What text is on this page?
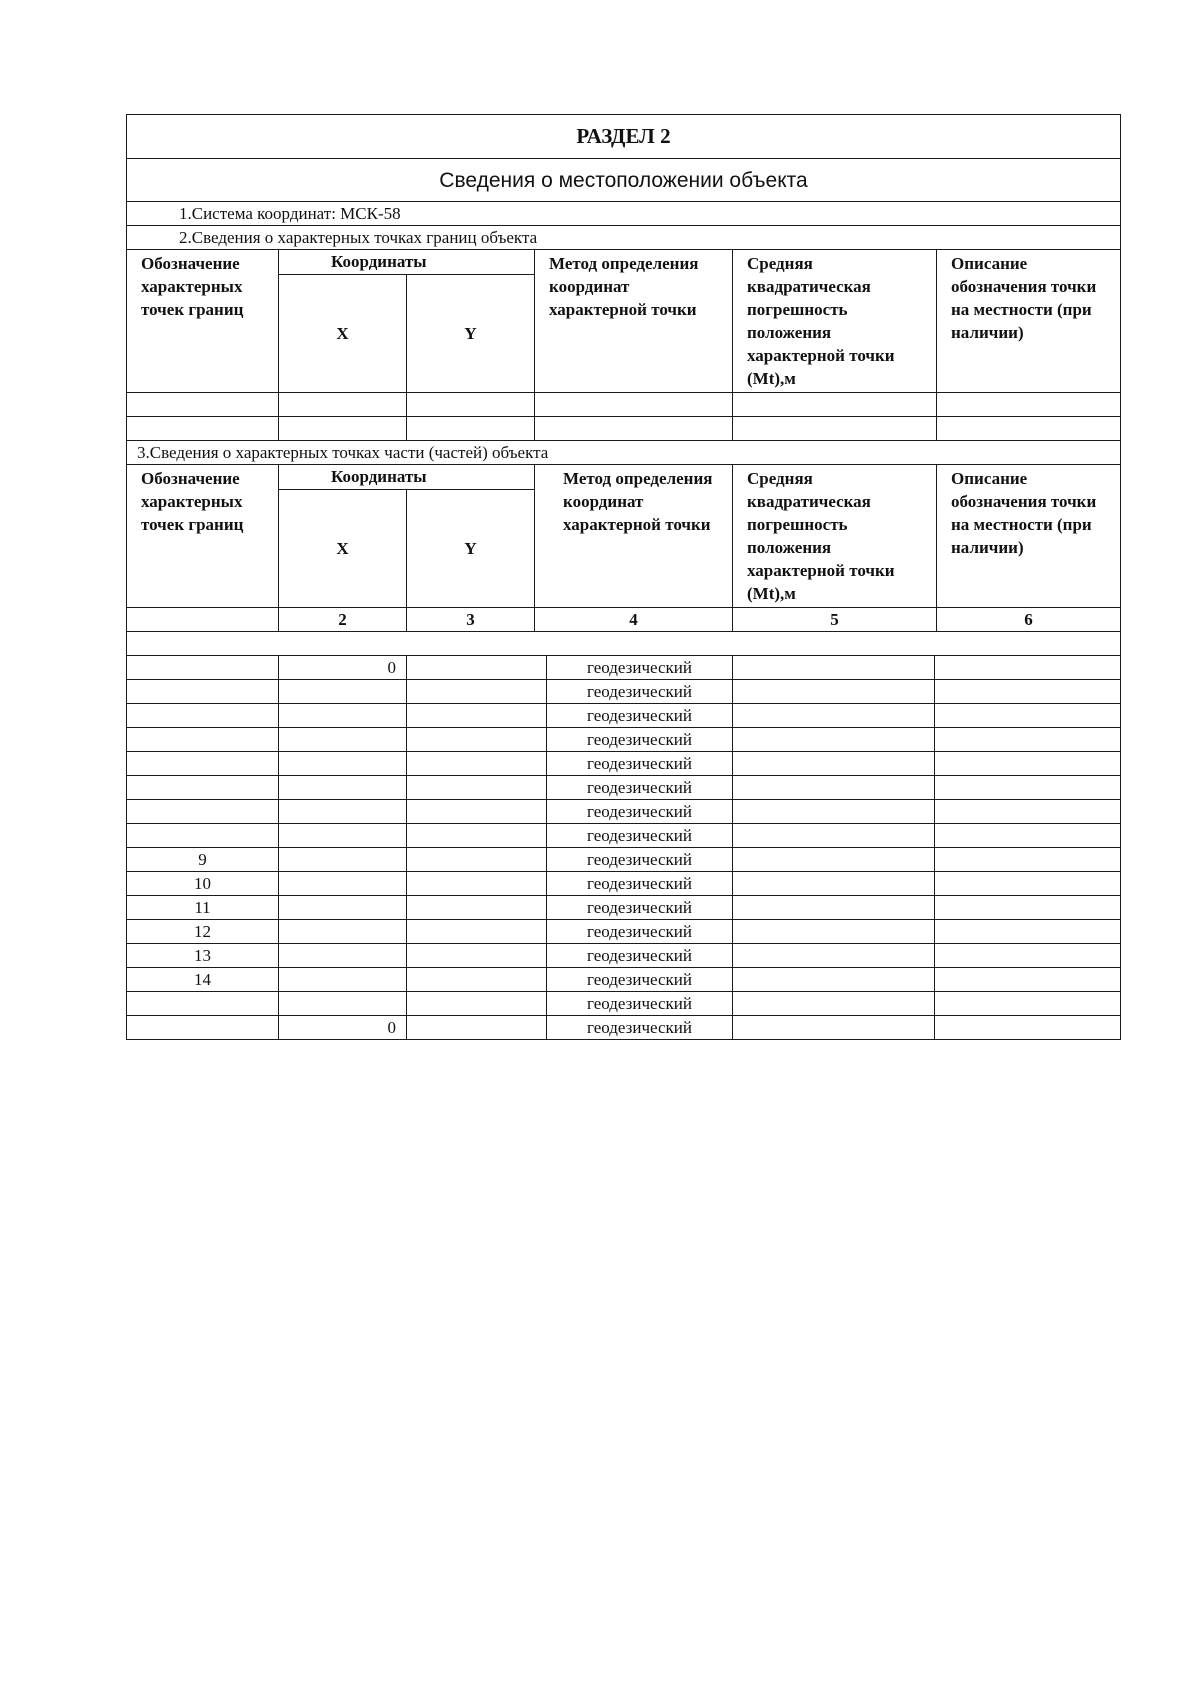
РАЗДЕЛ 2					
Сведения о местоположении объекта					
1.Система координат: МСК-58					
2.Сведения о характерных точках границ объекта					
Обозначение характерных точек границ	Координаты		Метод определения координат характерной точки	Средняя квадратическая погрешность положения характерной точки (Mt),м	Описание обозначения точки на местности (при наличии)
	X	Y			

3.Сведения о характерных точках части (частей) объекта					
Обозначение характерных точек границ	Координаты		Метод определения координат характерной точки	Средняя квадратическая погрешность положения характерной точки (Mt),м	Описание обозначения точки на местности (при наличии)
	X	Y			
	2	3	4	5	6

	0		геодезический		
			геодезический		
			геодезический		
			геодезический		
			геодезический		
			геодезический		
			геодезический		
			геодезический		
9			геодезический		
10			геодезический		
11			геодезический		
12			геодезический		
13			геодезический		
14			геодезический		
			геодезический		
	0		геодезический		
